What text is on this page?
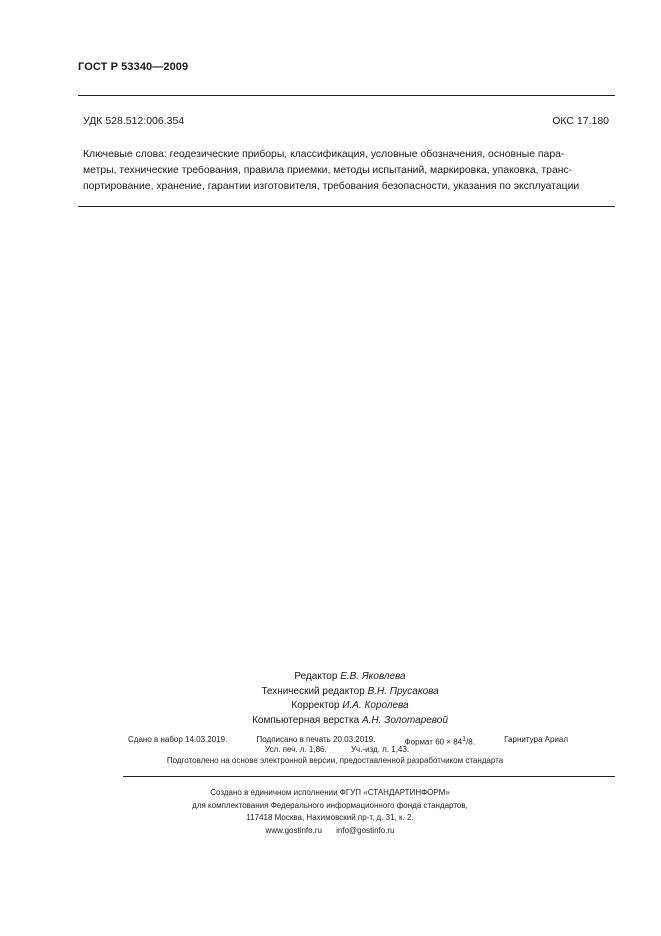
ГОСТ Р 53340—2009
УДК 528.512:006.354	ОКС 17.180
Ключевые слова: геодезические приборы, классификация, условные обозначения, основные пара-
метры, технические требования, правила приемки, методы испытаний, маркировка, упаковка, транс-
портирование, хранение, гарантии изготовителя, требования безопасности, указания по эксплуатации
Редактор Е.В. Яковлева
Технический редактор В.Н. Прусакова
Корректор И.А. Королева
Компьютерная верстка А.Н. Золотаревой
Сдано в набор 14.03.2019.	Подписано в печать 20.03.2019.	Формат $60 \times 84^1/8$.	Гарнитура Ариал
Усл. печ. л. 1,86.	Уч.-изд. л. 1,43.
Подготовлено на основе электронной версии, предоставленной разработчиком стандарта
Создано в единичном исполнении ФГУП «СТАНДАРТИНФОРМ»
для комплектования Федерального информационного фонда стандартов,
117418 Москва, Нахимовский пр-т, д. 31, к. 2.
www.gostinfo.ru info@gostinfo.ru
